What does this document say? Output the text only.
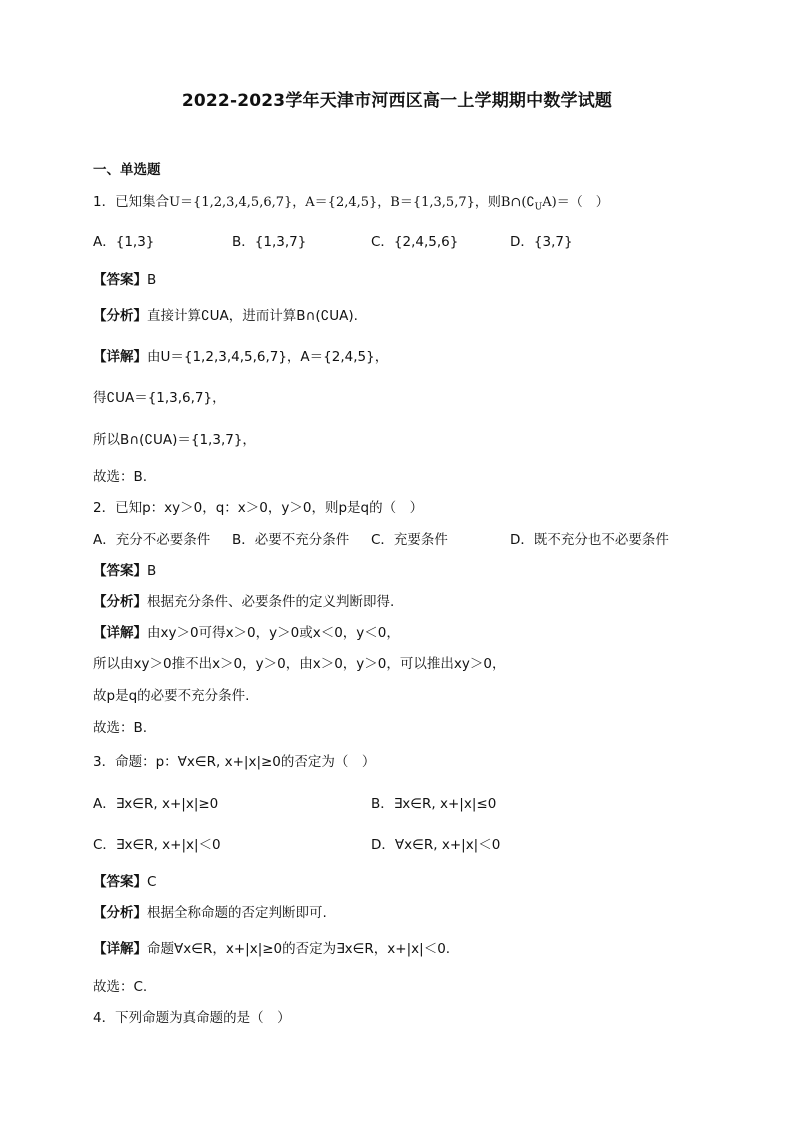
2022-2023学年天津市河西区高一上学期期中数学试题
一、单选题
1．已知集合U＝{1,2,3,4,5,6,7}，A＝{2,4,5}，B＝{1,3,5,7}，则$B\cap(∁_UA)=$（　）
A．{1,3}	B．{1,3,7}	C．{2,4,5,6}	D．{3,7}
【答案】B
【分析】直接计算∁UA，进而计算B∩(∁UA).
【详解】由U＝{1,2,3,4,5,6,7}，A＝{2,4,5}，
得∁UA＝{1,3,6,7}，
所以B∩(∁UA)＝{1,3,7}，
故选：B.
2．已知p：xy＞0，q：x＞0，y＞0，则p是q的（　）
A．充分不必要条件 B．必要不充分条件 C．充要条件	D．既不充分也不必要条件
【答案】B
【分析】根据充分条件、必要条件的定义判断即得.
【详解】由xy＞0可得x＞0，y＞0或x＜0，y＜0，
所以由xy＞0推不出x＞0，y＞0，由x＞0，y＞0，可以推出xy＞0，
故p是q的必要不充分条件.
故选：B.
3．命题：p：∀x∈R, x+|x|≥0的否定为（　）
A．∃x∈R, x+|x|≥0	B．∃x∈R, x+|x|≤0
C．∃x∈R, x+|x|＜0	D．∀x∈R, x+|x|＜0
【答案】C
【分析】根据全称命题的否定判断即可.
【详解】命题∀x∈R，x+|x|≥0的否定为∃x∈R，x+|x|＜0.
故选：C.
4．下列命题为真命题的是（　）
